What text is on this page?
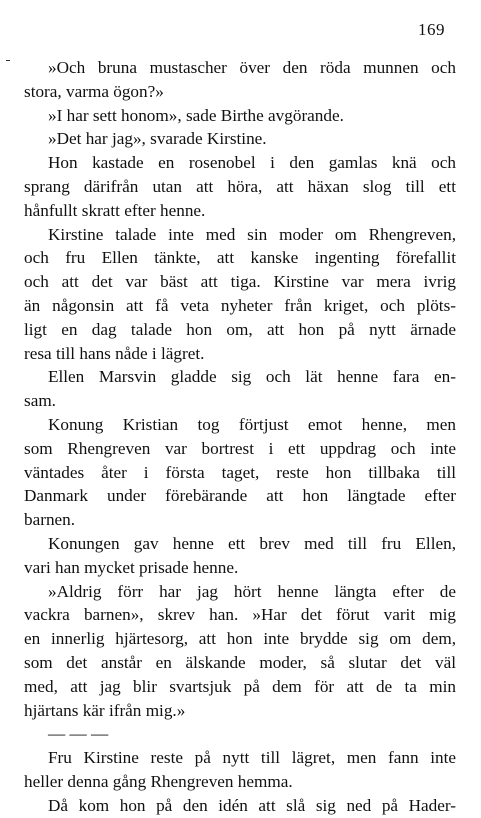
169
»Och bruna mustascher över den röda munnen och
stora, varma ögon?»
»I har sett honom», sade Birthe avgörande.
»Det har jag», svarade Kirstine.
Hon kastade en rosenobel i den gamlas knä och
sprang därifrån utan att höra, att häxan slog till ett
hånfullt skratt efter henne.
Kirstine talade inte med sin moder om Rhengreven,
och fru Ellen tänkte, att kanske ingenting förefallit
och att det var bäst att tiga. Kirstine var mera ivrig
än någonsin att få veta nyheter från kriget, och plöts-
ligt en dag talade hon om, att hon på nytt ärnade
resa till hans nåde i lägret.
Ellen Marsvin gladde sig och lät henne fara en-
sam.
Konung Kristian tog förtjust emot henne, men
som Rhengreven var bortrest i ett uppdrag och inte
väntades åter i första taget, reste hon tillbaka till
Danmark under förebärande att hon längtade efter
barnen.
Konungen gav henne ett brev med till fru Ellen,
vari han mycket prisade henne.
»Aldrig förr har jag hört henne längta efter de
vackra barnen», skrev han. »Har det förut varit mig
en innerlig hjärtesorg, att hon inte brydde sig om dem,
som det anstår en älskande moder, så slutar det väl
med, att jag blir svartsjuk på dem för att de ta min
hjärtans kär ifrån mig.»
— — —
Fru Kirstine reste på nytt till lägret, men fann inte
heller denna gång Rhengreven hemma.
Då kom hon på den idén att slå sig ned på Hader-
